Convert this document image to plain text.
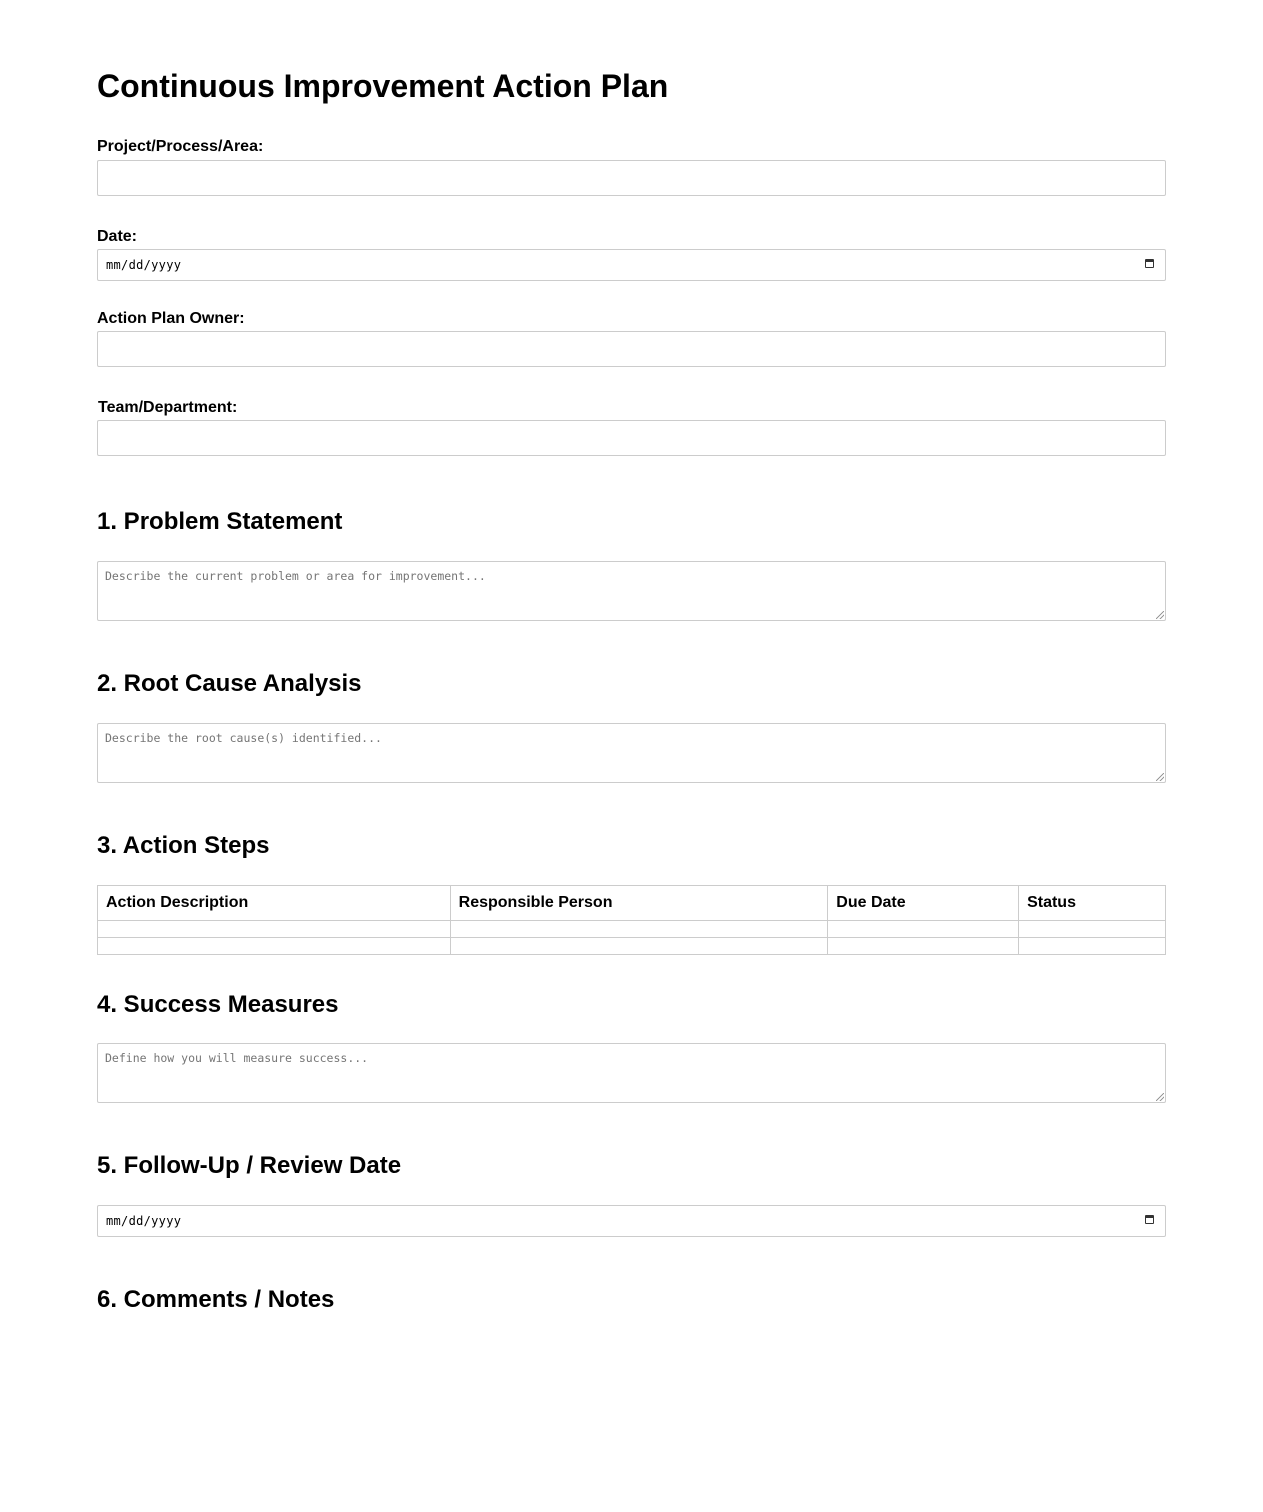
Continuous Improvement Action Plan
Project/Process/Area:
Date:
mm/dd/yyyy
Action Plan Owner:
Team/Department:
1. Problem Statement
Describe the current problem or area for improvement...
2. Root Cause Analysis
Describe the root cause(s) identified...
3. Action Steps
Action Description	Responsible Person	Due Date	Status

4. Success Measures
Define how you will measure success...
5. Follow-Up / Review Date
mm/dd/yyyy
6. Comments / Notes
